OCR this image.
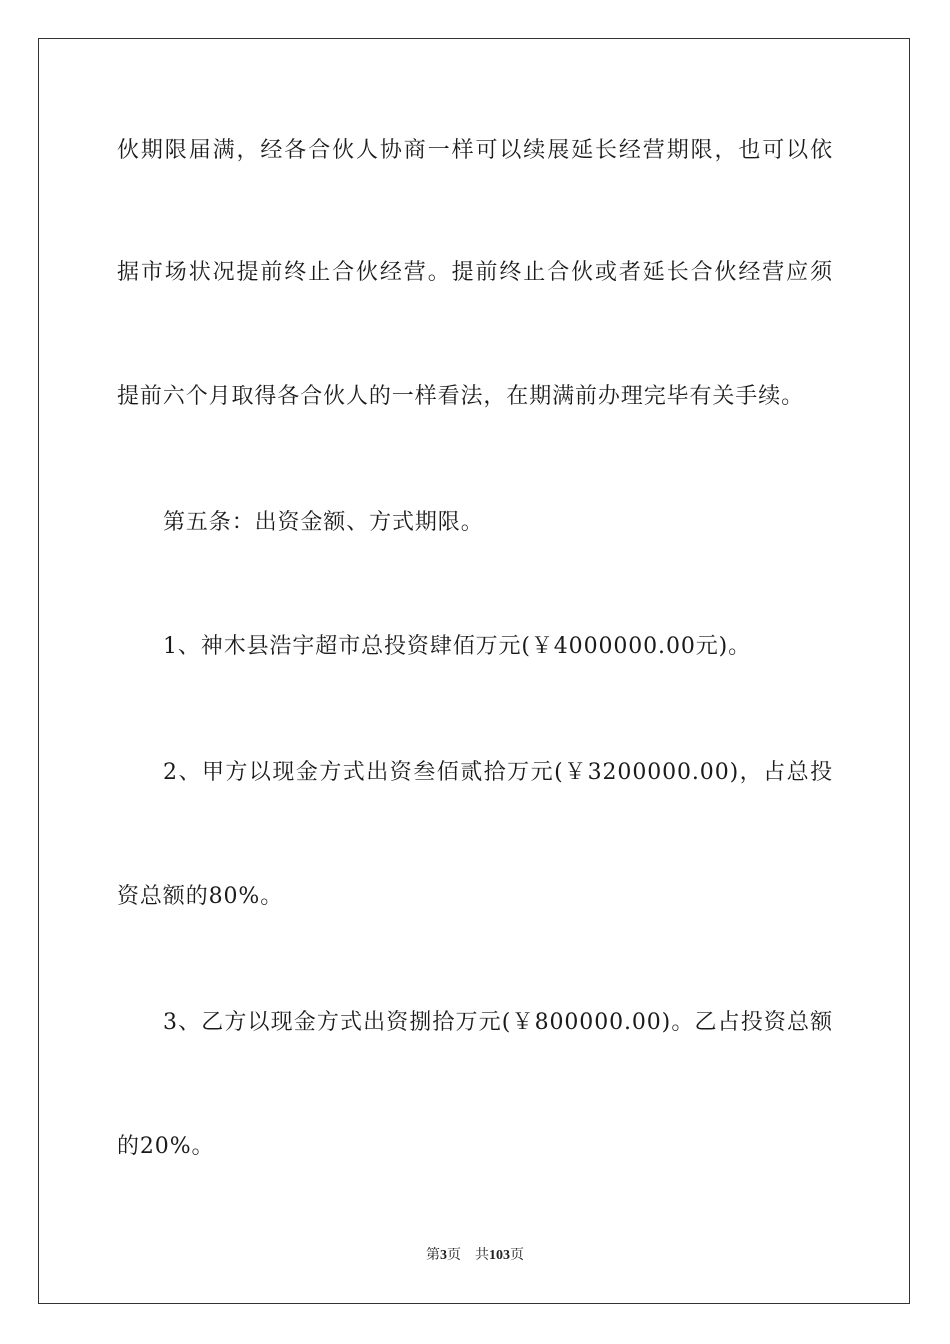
伙期限届满，经各合伙人协商一样可以续展延长经营期限，也可以依
据市场状况提前终止合伙经营。提前终止合伙或者延长合伙经营应须
提前六个月取得各合伙人的一样看法，在期满前办理完毕有关手续。
第五条：出资金额、方式期限。
1、神木县浩宇超市总投资肆佰万元(￥4000000.00元)。
2、甲方以现金方式出资叁佰贰拾万元(￥3200000.00)，占总投
资总额的80%。
3、乙方以现金方式出资捌拾万元(￥800000.00)。乙占投资总额
的20%。
第3页 共103页
